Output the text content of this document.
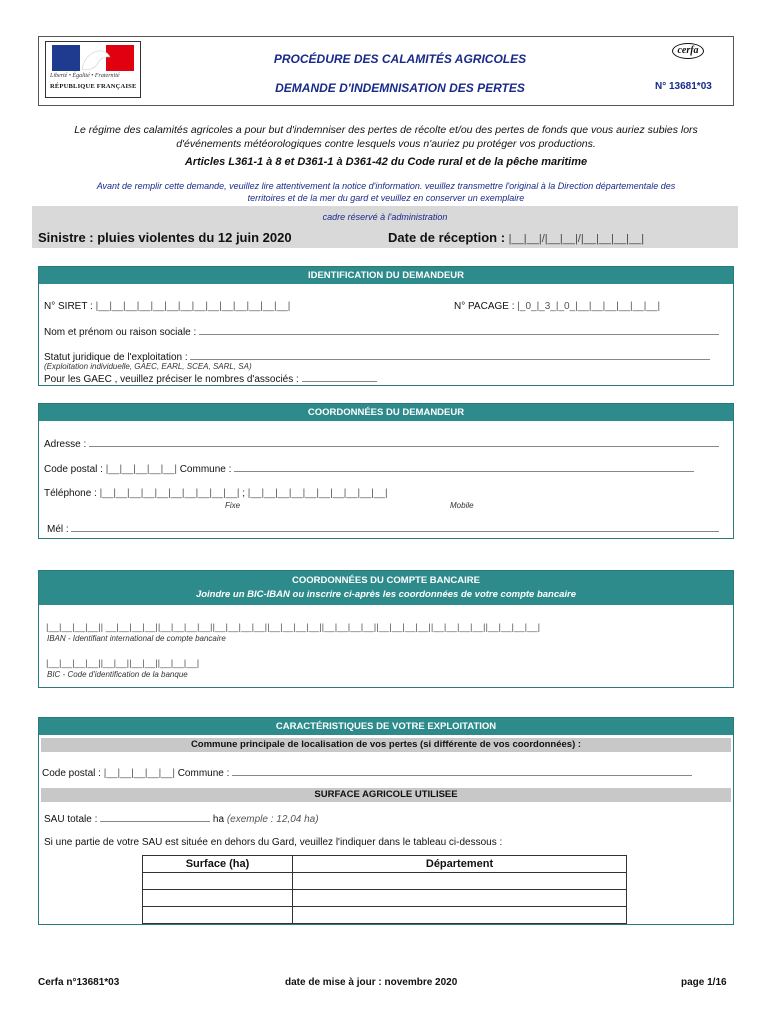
Liberté • Égalité • Fraternité
RÉPUBLIQUE FRANÇAISE
PROCÉDURE DES CALAMITÉS AGRICOLES
DEMANDE D'INDEMNISATION DES PERTES
cerfa
N° 13681*03
Le régime des calamités agricoles a pour but d'indemniser des pertes de récolte et/ou des pertes de fonds que vous auriez subies lors
d'événements météorologiques contre lesquels vous n'auriez pu protéger vos productions.
Articles L361-1 à 8 et D361-1 à D361-42 du Code rural et de la pêche maritime
Avant de remplir cette demande, veuillez lire attentivement la notice d'information. veuillez transmettre l'original à la Direction départementale des
territoires et de la mer du gard et veuillez en conserver un exemplaire
cadre réservé à l'administration
Sinistre : pluies violentes du 12 juin 2020	Date de réception : |__|__|/|__|__|/|__|__|__|__|
IDENTIFICATION DU DEMANDEUR
N° SIRET : |__|__|__|__|__|__|__|__|__|__|__|__|__|__|	N° PACAGE : |_0_|_3_|_0_|__|__|__|__|__|__|
Nom et prénom ou raison sociale :
Statut juridique de l'exploitation :
(Exploitation individuelle, GAEC, EARL, SCEA, SARL, SA)
Pour les GAEC , veuillez préciser le nombres d'associés :
COORDONNÉES DU DEMANDEUR
Adresse :
Code postal : |__|__|__|__|__| Commune :
Téléphone : |__|__|__|__|__|__|__|__|__|__| ; |__|__|__|__|__|__|__|__|__|__|
Fixe	Mobile
Mél :
COORDONNÉES DU COMPTE BANCAIRE
Joindre un BIC-IBAN ou inscrire ci-après les coordonnées de votre compte bancaire
|__|__|__|__|| __|__|__|__||__|__|__|__||__|__|__|__||__|__|__|__||__|__|__|__||__|__|__|__||__|__|__|__||__|__|__|__|
IBAN - Identifiant international de compte bancaire
|__|__|__|__||__|__||__|__||__|__|__|
BIC - Code d'identification de la banque
CARACTÉRISTIQUES DE VOTRE EXPLOITATION
Commune principale de localisation de vos pertes (si différente de vos coordonnées) :
Code postal : |__|__|__|__|__| Commune :
SURFACE AGRICOLE UTILISEE
SAU totale :	ha (exemple : 12,04 ha)
Si une partie de votre SAU est située en dehors du Gard, veuillez l'indiquer dans le tableau ci-dessous :
Surface (ha)	Département

Cerfa n°13681*03	date de mise à jour : novembre 2020	page 1/16
